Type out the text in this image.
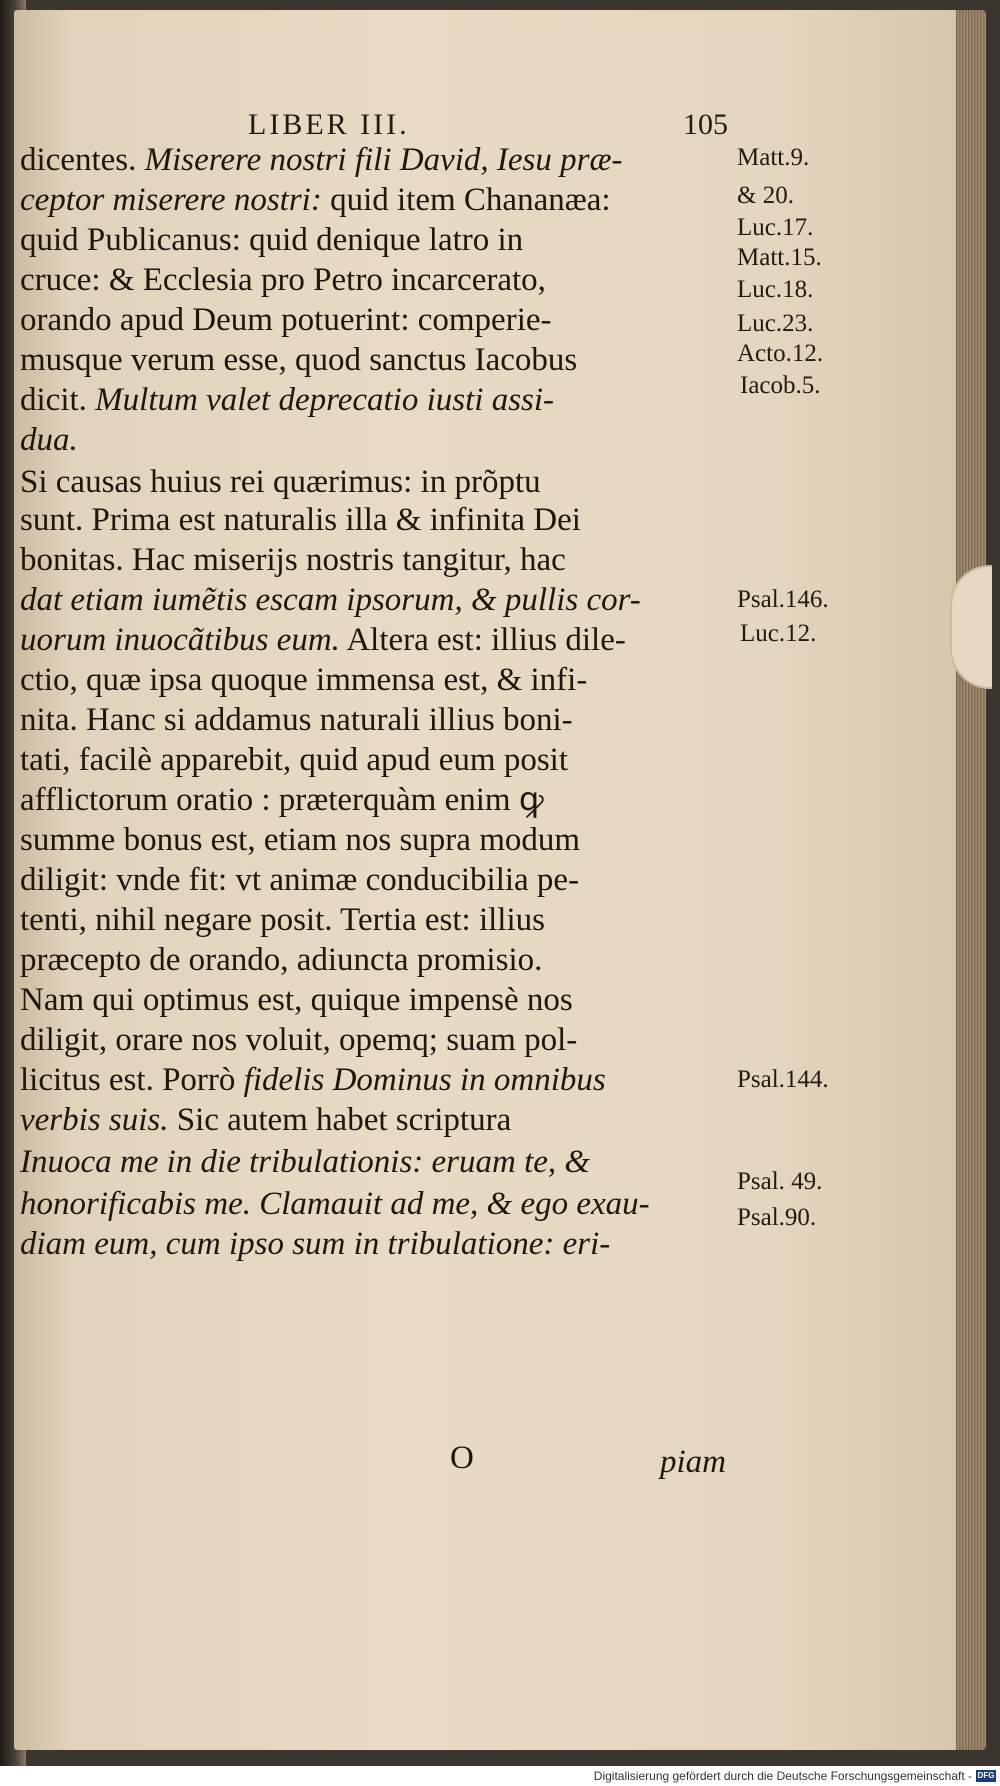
LIBER III.	105
dicentes. Miserere nostri fili David, Iesu præ-
ceptor miserere nostri: quid item Chananæa:
quid Publicanus: quid denique latro in
cruce: & Ecclesia pro Petro incarcerato,
orando apud Deum potuerint: comperie-
musque verum esse, quod sanctus Iacobus
dicit. Multum valet deprecatio iusti assi-
dua.
Si causas huius rei quærimus: in prõptu
sunt. Prima est naturalis illa & infinita Dei
bonitas. Hac miserijs nostris tangitur, hac
dat etiam iumẽtis escam ipsorum, & pullis cor-
uorum inuocãtibus eum. Altera est: illius dile-
ctio, quæ ipsa quoque immensa est, & infi-
nita. Hanc si addamus naturali illius boni-
tati, facilè apparebit, quid apud eum posit
afflictorum oratio : præterquàm enim ꝙ
summe bonus est, etiam nos supra modum
diligit: vnde fit: vt animæ conducibilia pe-
tenti, nihil negare posit. Tertia est: illius
præcepto de orando, adiuncta promisio.
Nam qui optimus est, quique impensè nos
diligit, orare nos voluit, opemq; suam pol-
licitus est. Porrò fidelis Dominus in omnibus
verbis suis. Sic autem habet scriptura
Inuoca me in die tribulationis: eruam te, &
honorificabis me. Clamauit ad me, & ego exau-
diam eum, cum ipso sum in tribulatione: eri-
Matt.9.
& 20.
Luc.17.
Matt.15.
Luc.18.
Luc.23.
Acto.12.
Iacob.5.
Psal.146.
Luc.12.
Psal.144.
Psal. 49.
Psal.90.
O	piam
Digitalisierung gefördert durch die Deutsche Forschungsgemeinschaft - DFG
